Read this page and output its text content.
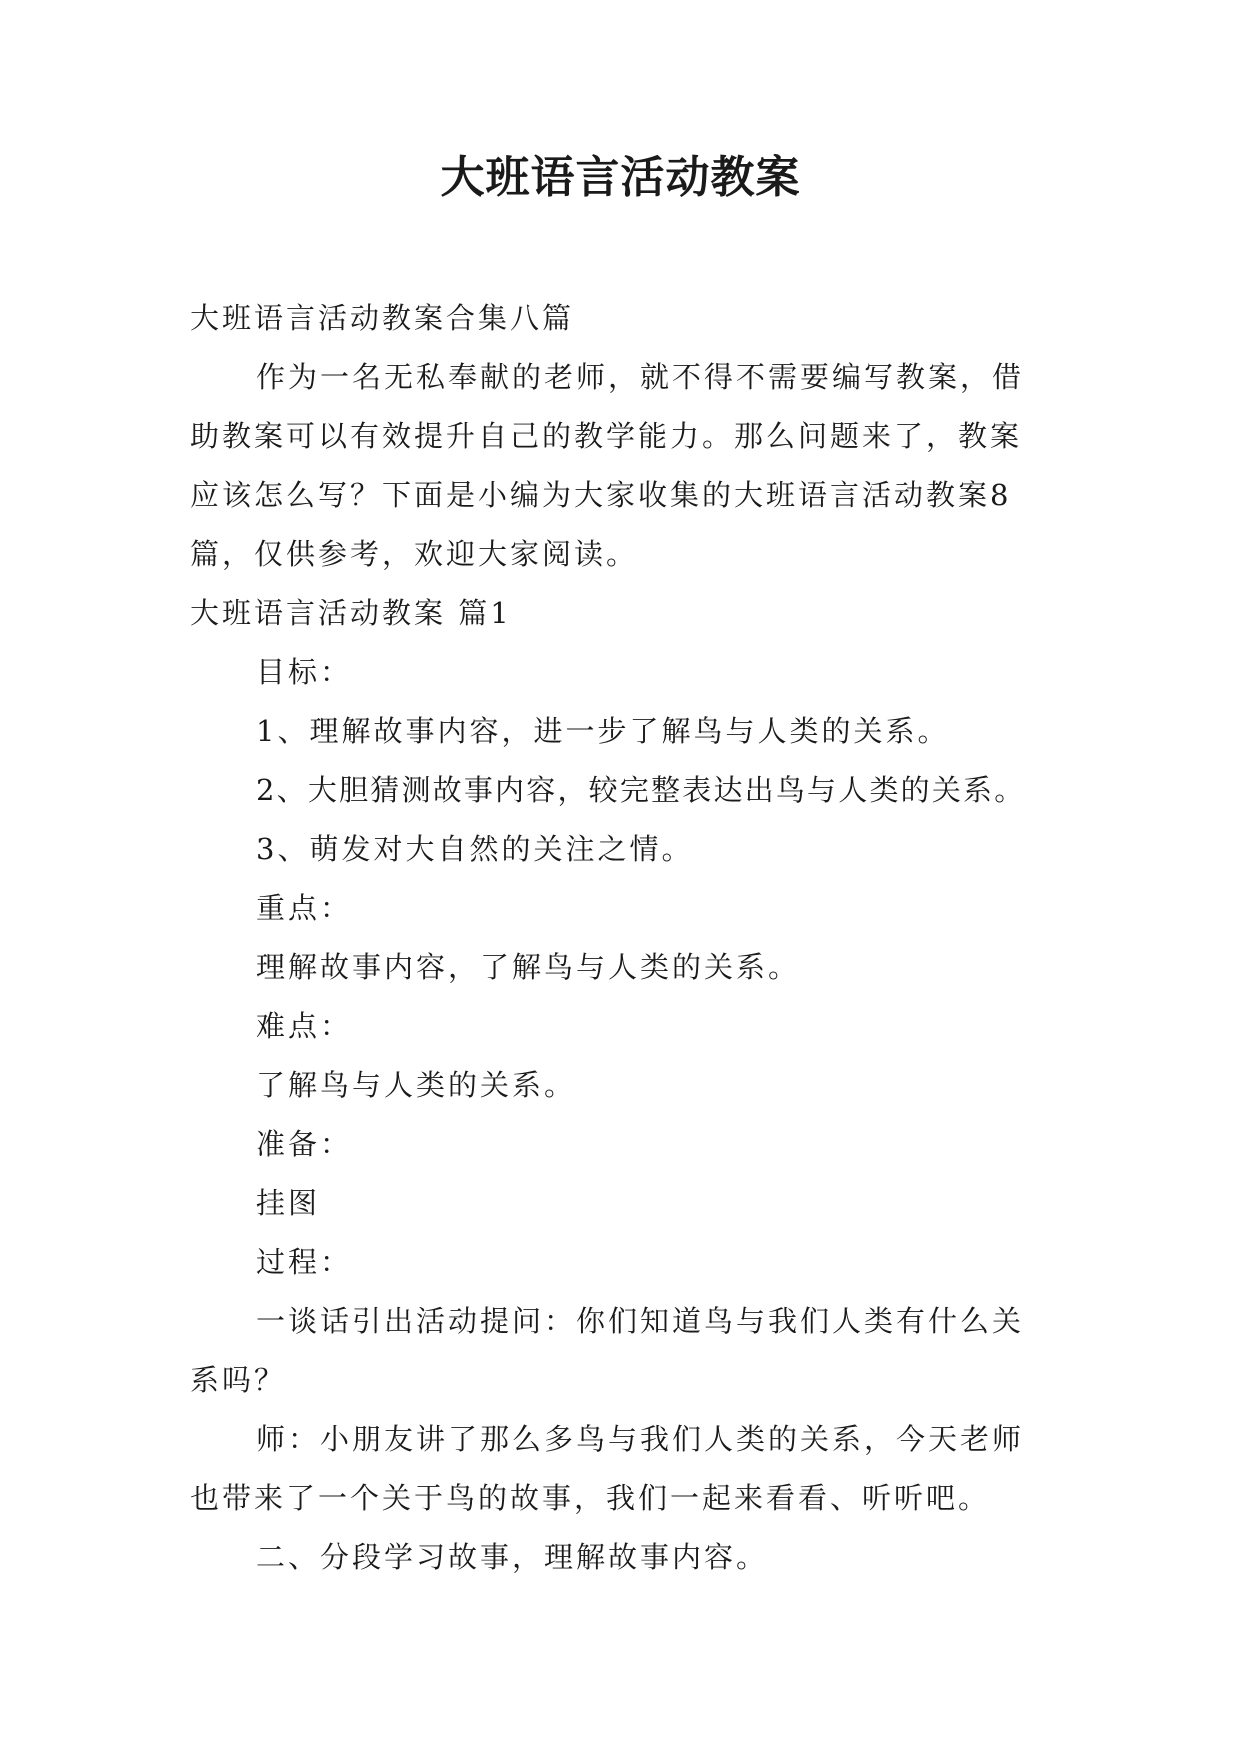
大班语言活动教案

大班语言活动教案合集八篇

作为一名无私奉献的老师，就不得不需要编写教案，借助教案可以有效提升自己的教学能力。那么问题来了，教案应该怎么写？下面是小编为大家收集的大班语言活动教案8篇，仅供参考，欢迎大家阅读。

大班语言活动教案 篇1

目标：

1、理解故事内容，进一步了解鸟与人类的关系。

2、大胆猜测故事内容，较完整表达出鸟与人类的关系。

3、萌发对大自然的关注之情。

重点：

理解故事内容，了解鸟与人类的关系。

难点：

了解鸟与人类的关系。

准备：

挂图

过程：

一谈话引出活动提问：你们知道鸟与我们人类有什么关系吗？

师：小朋友讲了那么多鸟与我们人类的关系，今天老师也带来了一个关于鸟的故事，我们一起来看看、听听吧。

二、分段学习故事，理解故事内容。
